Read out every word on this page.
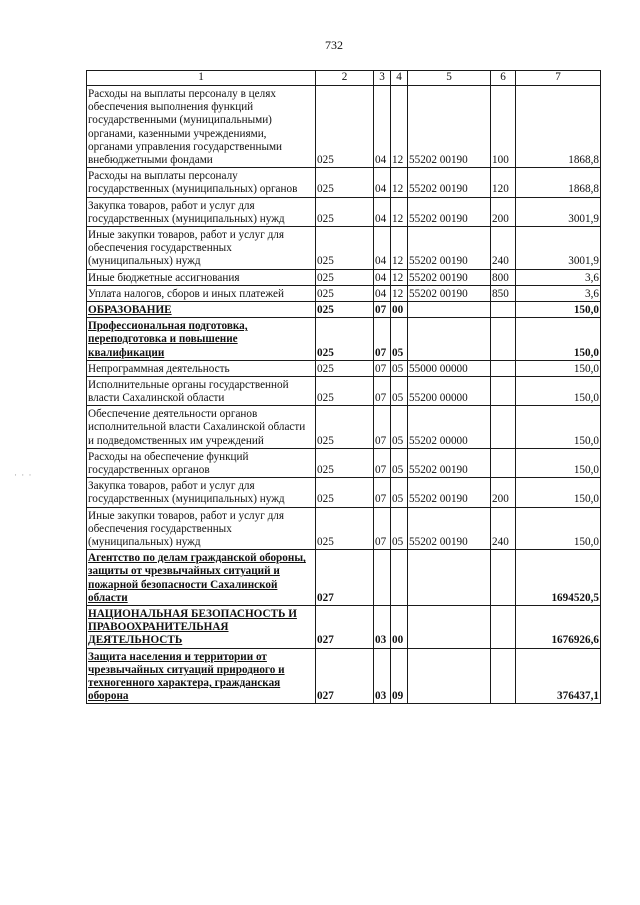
732
1	2	3	4	5	6	7
Расходы на выплаты персоналу в целях обеспечения выполнения функций государственными (муниципальными) органами, казенными учреждениями, органами управления государственными внебюджетными фондами	025	04	12	55202 00190	100	1868,8
Расходы на выплаты персоналу государственных (муниципальных) органов	025	04	12	55202 00190	120	1868,8
Закупка товаров, работ и услуг для государственных (муниципальных) нужд	025	04	12	55202 00190	200	3001,9
Иные закупки товаров, работ и услуг для обеспечения государственных (муниципальных) нужд	025	04	12	55202 00190	240	3001,9
Иные бюджетные ассигнования	025	04	12	55202 00190	800	3,6
Уплата налогов, сборов и иных платежей	025	04	12	55202 00190	850	3,6
ОБРАЗОВАНИЕ	025	07	00			150,0
Профессиональная подготовка, переподготовка и повышение квалификации	025	07	05			150,0
Непрограммная деятельность	025	07	05	55000 00000		150,0
Исполнительные органы государственной власти Сахалинской области	025	07	05	55200 00000		150,0
Обеспечение деятельности органов исполнительной власти Сахалинской области и подведомственных им учреждений	025	07	05	55202 00000		150,0
Расходы на обеспечение функций государственных органов	025	07	05	55202 00190		150,0
Закупка товаров, работ и услуг для государственных (муниципальных) нужд	025	07	05	55202 00190	200	150,0
Иные закупки товаров, работ и услуг для обеспечения государственных (муниципальных) нужд	025	07	05	55202 00190	240	150,0
Агентство по делам гражданской обороны, защиты от чрезвычайных ситуаций и пожарной безопасности Сахалинской области	027					1694520,5
НАЦИОНАЛЬНАЯ БЕЗОПАСНОСТЬ И ПРАВООХРАНИТЕЛЬНАЯ ДЕЯТЕЛЬНОСТЬ	027	03	00			1676926,6
Защита населения и территории от чрезвычайных ситуаций природного и техногенного характера, гражданская оборона	027	03	09			376437,1
· · ·
